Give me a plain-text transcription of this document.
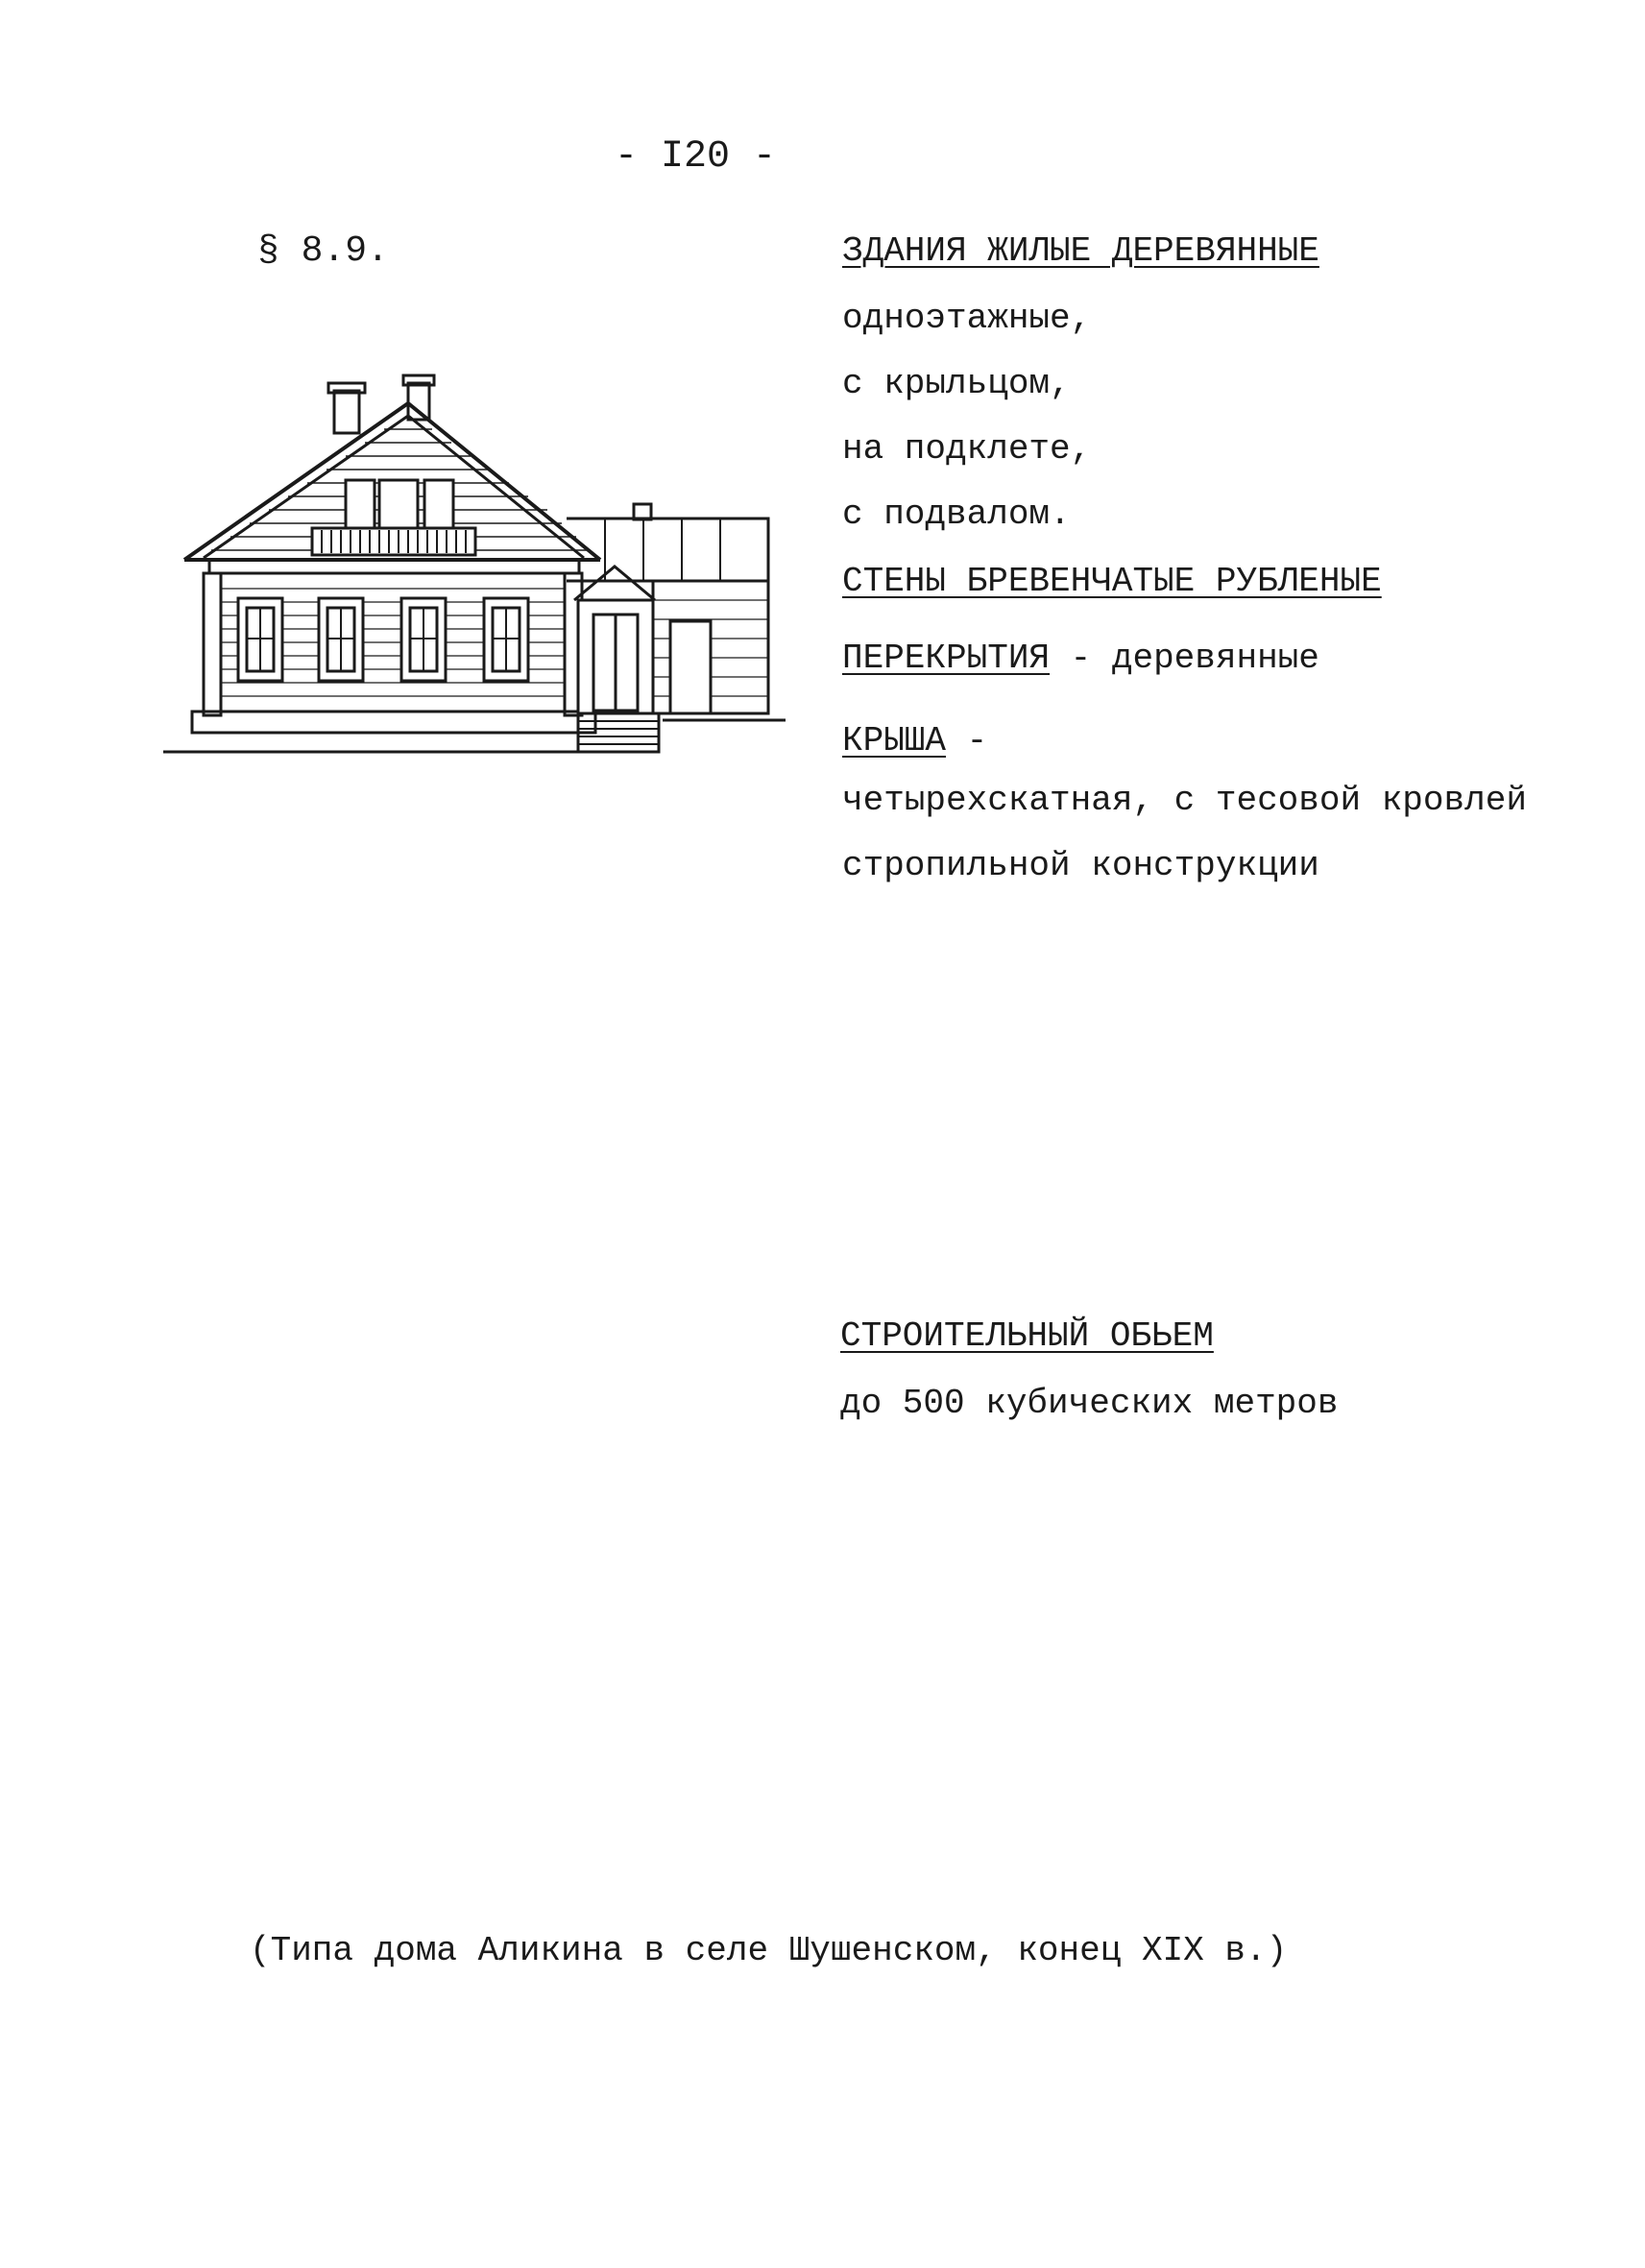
- I20 -
§ 8.9.	ЗДАНИЯ ЖИЛЫЕ ДЕРЕВЯННЫЕ
одноэтажные,
с крыльцом,
на подклете,
с подвалом.
СТЕНЫ БРЕВЕНЧАТЫЕ РУБЛЕНЫЕ
ПЕРЕКРЫТИЯ - деревянные
КРЫША -
четырехскатная, с тесовой кровлей
стропильной конструкции
СТРОИТЕЛЬНЫЙ ОБЬЕМ
до 500 кубических метров
(Типа дома Аликина в селе Шушенском, конец XIX в.)
